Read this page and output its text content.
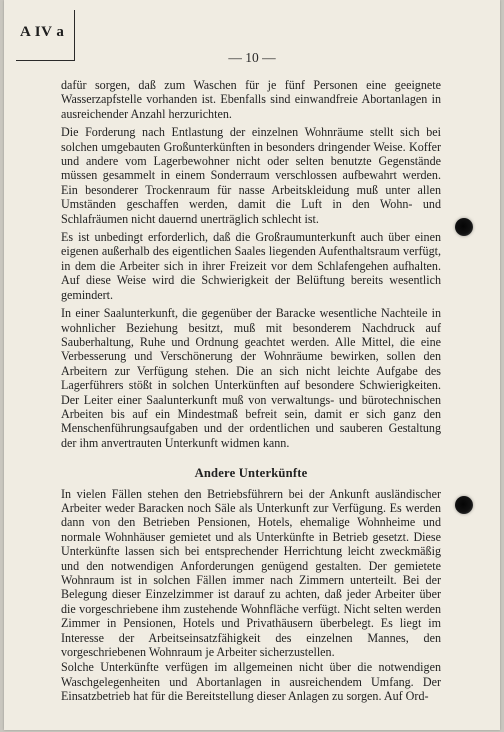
A IV a
— 10 —

dafür sorgen, daß zum Waschen für je fünf Personen eine geeignete Wasserzapfstelle vorhanden ist. Ebenfalls sind einwandfreie Abortanlagen in ausreichender Anzahl herzurichten.

Die Forderung nach Entlastung der einzelnen Wohnräume stellt sich bei solchen umgebauten Großunterkünften in besonders dringender Weise. Koffer und andere vom Lagerbewohner nicht oder selten benutzte Gegenstände müssen gesammelt in einem Sonderraum verschlossen aufbewahrt werden. Ein besonderer Trockenraum für nasse Arbeitskleidung muß unter allen Umständen geschaffen werden, damit die Luft in den Wohn- und Schlafräumen nicht dauernd unerträglich schlecht ist.

Es ist unbedingt erforderlich, daß die Großraumunterkunft auch über einen eigenen außerhalb des eigentlichen Saales liegenden Aufenthaltsraum verfügt, in dem die Arbeiter sich in ihrer Freizeit vor dem Schlafengehen aufhalten. Auf diese Weise wird die Schwierigkeit der Belüftung bereits wesentlich gemindert.

In einer Saalunterkunft, die gegenüber der Baracke wesentliche Nachteile in wohnlicher Beziehung besitzt, muß mit besonderem Nachdruck auf Sauberhaltung, Ruhe und Ordnung geachtet werden. Alle Mittel, die eine Verbesserung und Verschönerung der Wohnräume bewirken, sollen den Arbeitern zur Verfügung stehen. Die an sich nicht leichte Aufgabe des Lagerführers stößt in solchen Unterkünften auf besondere Schwierigkeiten. Der Leiter einer Saalunterkunft muß von verwaltungs- und bürotechnischen Arbeiten bis auf ein Mindestmaß befreit sein, damit er sich ganz den Menschenführungsaufgaben und der ordentlichen und sauberen Gestaltung der ihm anvertrauten Unterkunft widmen kann.

Andere Unterkünfte

In vielen Fällen stehen den Betriebsführern bei der Ankunft ausländischer Arbeiter weder Baracken noch Säle als Unterkunft zur Verfügung. Es werden dann von den Betrieben Pensionen, Hotels, ehemalige Wohnheime und normale Wohnhäuser gemietet und als Unterkünfte in Betrieb gesetzt. Diese Unterkünfte lassen sich bei entsprechender Herrichtung leicht zweckmäßig und den notwendigen Anforderungen genügend gestalten. Der gemietete Wohnraum ist in solchen Fällen immer nach Zimmern unterteilt. Bei der Belegung dieser Einzelzimmer ist darauf zu achten, daß jeder Arbeiter über die vorgeschriebene ihm zustehende Wohnfläche verfügt. Nicht selten werden Zimmer in Pensionen, Hotels und Privathäusern überbelegt. Es liegt im Interesse der Arbeitseinsatzfähigkeit des einzelnen Mannes, den vorgeschriebenen Wohnraum je Arbeiter sicherzustellen.

Solche Unterkünfte verfügen im allgemeinen nicht über die notwendigen Waschgelegenheiten und Abortanlagen in ausreichendem Umfang. Der Einsatzbetrieb hat für die Bereitstellung dieser Anlagen zu sorgen. Auf Ord-
